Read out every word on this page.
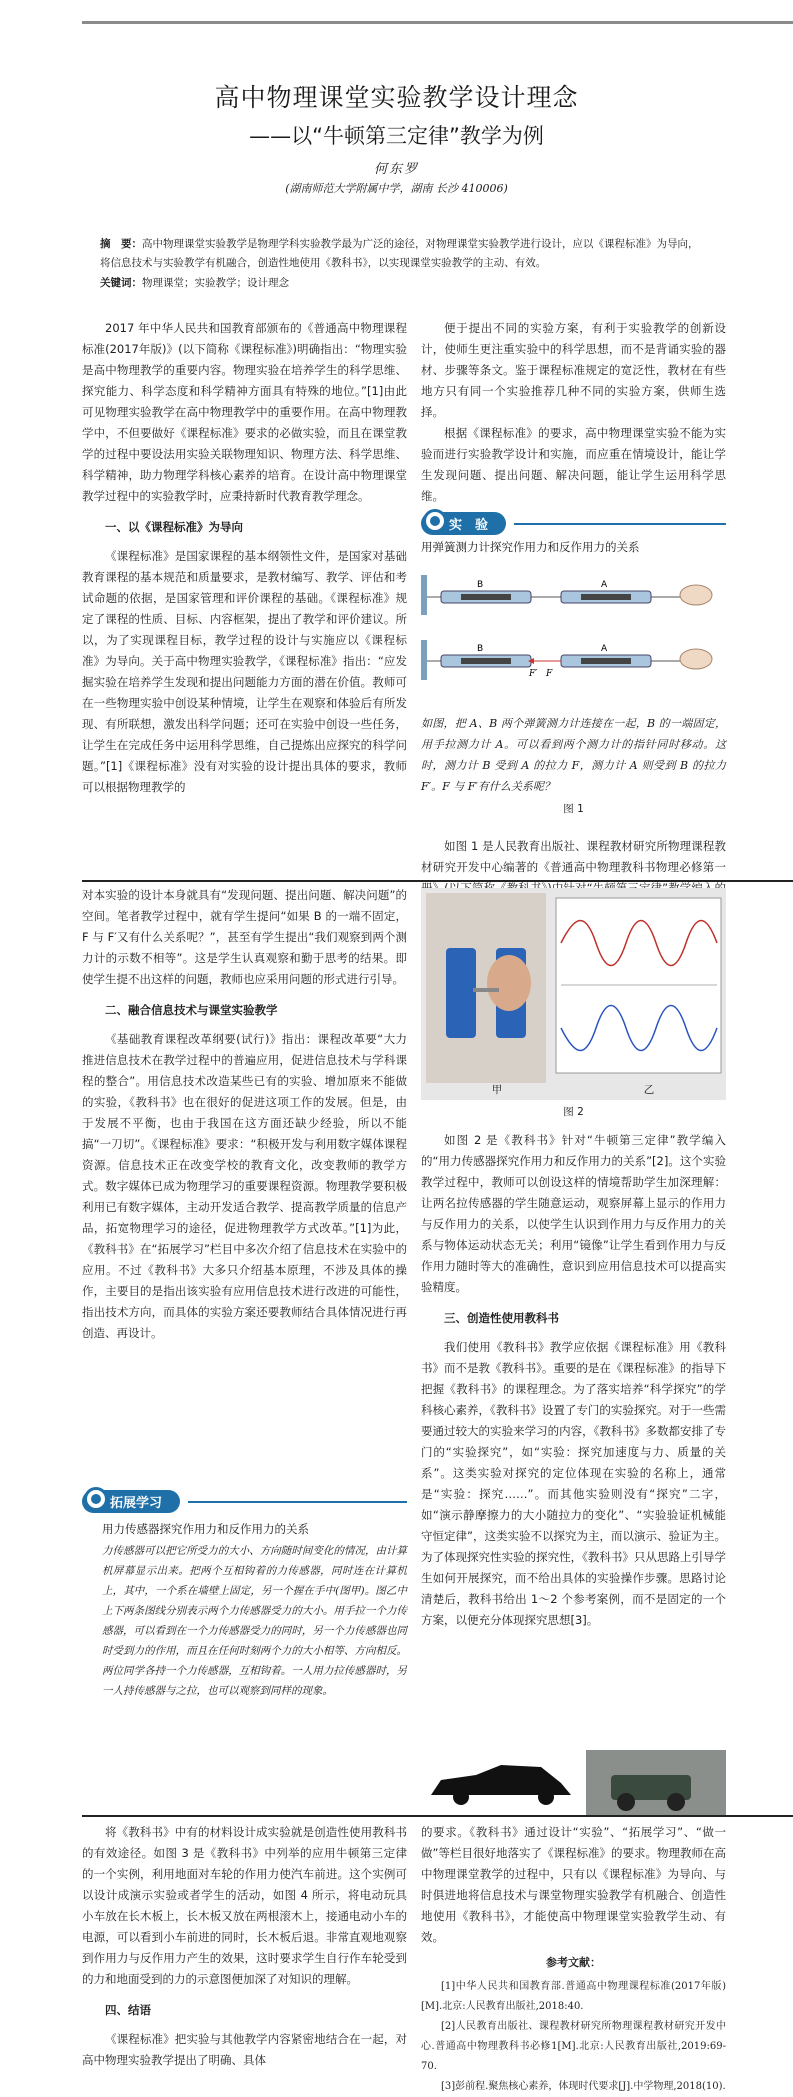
高中物理课堂实验教学设计理念
——以“牛顿第三定律”教学为例
何东罗
(湖南师范大学附属中学，湖南 长沙 410006)
摘　要：高中物理课堂实验教学是物理学科实验教学最为广泛的途径，对物理课堂实验教学进行设计，应以《课程标准》为导向，将信息技术与实验教学有机融合，创造性地使用《教科书》，以实现课堂实验教学的主动、有效。
关键词：物理课堂；实验教学；设计理念

2017 年中华人民共和国教育部颁布的《普通高中物理课程标准(2017年版)》(以下简称《课程标准》)明确指出：“物理实验是高中物理教学的重要内容。物理实验在培养学生的科学思维、探究能力、科学态度和科学精神方面具有特殊的地位。”[1]由此可见物理实验教学在高中物理教学中的重要作用。在高中物理教学中，不但要做好《课程标准》要求的必做实验，而且在课堂教学的过程中要设法用实验关联物理知识、物理方法、科学思维、科学精神，助力物理学科核心素养的培育。在设计高中物理课堂教学过程中的实验教学时，应秉持新时代教育教学理念。

一、以《课程标准》为导向

《课程标准》是国家课程的基本纲领性文件，是国家对基础教育课程的基本规范和质量要求，是教材编写、教学、评估和考试命题的依据，是国家管理和评价课程的基础。《课程标准》规定了课程的性质、目标、内容框架，提出了教学和评价建议。所以，为了实现课程目标，教学过程的设计与实施应以《课程标准》为导向。关于高中物理实验教学，《课程标准》指出：“应发掘实验在培养学生发现和提出问题能力方面的潜在价值。教师可在一些物理实验中创设某种情境，让学生在观察和体验后有所发现、有所联想，激发出科学问题；还可在实验中创设一些任务，让学生在完成任务中运用科学思维，自己提炼出应探究的科学问题。”[1]《课程标准》没有对实验的设计提出具体的要求，教师可以根据物理教学的

便于提出不同的实验方案，有利于实验教学的创新设计，使师生更注重实验中的科学思想，而不是背诵实验的器材、步骤等条文。鉴于课程标准规定的宽泛性，教材在有些地方只有同一个实验推荐几种不同的实验方案，供师生选择。

根据《课程标准》的要求，高中物理课堂实验不能为实验而进行实验教学设计和实施，而应重在情境设计，能让学生发现问题、提出问题、解决问题，能让学生运用科学思维。

实　验
用弹簧测力计探究作用力和反作用力的关系
B	A
B
F
A
F′
如图，把 A、B 两个弹簧测力计连接在一起，B 的一端固定，用手拉测力计 A。可以看到两个测力计的指针同时移动。这时，测力计 B 受到 A 的拉力 F，测力计 A 则受到 B 的拉力 F′。F 与 F′有什么关系呢？
图 1

如图 1 是人民教育出版社、课程教材研究所物理课程教材研究开发中心编著的《普通高中物理教科书物理必修第一

对本实验的设计本身就具有“发现问题、提出问题、解决问题”的空间。笔者教学过程中，就有学生提问“如果 B 的一端不固定，F 与 F′又有什么关系呢？”，甚至有学生提出“我们观察到两个测力计的示数不相等”。这是学生认真观察和勤于思考的结果。即使学生提不出这样的问题，教师也应采用问题的形式进行引导。

二、融合信息技术与课堂实验教学

《基础教育课程改革纲要(试行)》指出：课程改革要“大力推进信息技术在教学过程中的普遍应用，促进信息技术与学科课程的整合”。用信息技术改造某些已有的实验、增加原来不能做的实验，《教科书》也在很好的促进这项工作的发展。但是，由于发展不平衡，也由于我国在这方面还缺少经验，所以不能搞“一刀切”。《课程标准》要求：“积极开发与利用数字媒体课程资源。信息技术正在改变学校的教育文化，改变教师的教学方式。数字媒体已成为物理学习的重要课程资源。物理教学要积极利用已有数字媒体，主动开发适合教学、提高教学质量的信息产品，拓宽物理学习的途径，促进物理教学方式改革。”[1]为此，《教科书》在“拓展学习”栏目中多次介绍了信息技术在实验中的应用。不过《教科书》大多只介绍基本原理，不涉及具体的操作，主要目的是指出该实验有应用信息技术进行改进的可能性，指出技术方向，而具体的实验方案还要教师结合具体情况进行再创造、再设计。

拓展学习
用力传感器探究作用力和反作用力的关系
力传感器可以把它所受力的大小、方向随时间变化的情况，由计算机屏幕显示出来。把两个互相钩着的力传感器，同时连在计算机上，其中，一个系在墙壁上固定，另一个握在手中(图甲)。图乙中上下两条图线分别表示两个力传感器受力的大小。用手拉一个力传感器，可以看到在一个力传感器受力的同时，另一个力传感器也同时受到力的作用，而且在任何时刻两个力的大小相等、方向相反。两位同学各持一个力传感器，互相钩着。一人用力拉传感器时，另一人持传感器与之拉，也可以观察到同样的现象。
甲	乙
图 2

如图 2 是《教科书》针对“牛顿第三定律”教学编入的“用力传感器探究作用力和反作用力的关系”[2]。这个实验教学过程中，教师可以创设这样的情境帮助学生加深理解：让两名拉传感器的学生随意运动，观察屏幕上显示的作用力与反作用力的关系，以使学生认识到作用力与反作用力的关系与物体运动状态无关；利用“镜像”让学生看到作用力与反作用力随时等大的准确性，意识到应用信息技术可以提高实验精度。

三、创造性使用教科书

我们使用《教科书》教学应依据《课程标准》用《教科书》而不是教《教科书》。重要的是在《课程标准》的指导下把握《教科书》的课程理念。为了落实培养“科学探究”的学科核心素养，《教科书》设置了专门的实验探究。对于一些需要通过较大的实验来学习的内容，《教科书》多数都安排了专门的“实验探究”，如“实验：探究加速度与力、质量的关系”。这类实验对探究的定位体现在实验的名称上，通常是“实验：探究……”。而其他实验则没有“探究”二字，如“演示静摩擦力的大小随拉力的变化”、“实验验证机械能守恒定律”，这类实验不以探究为主，而以演示、验证为主。为了体现探究性实验的探究性，《教科书》只从思路上引导学生如何开展探究，而不给出具体的实验操作步骤。思路讨论清楚后，教科书给出 1～2 个参考案例，而不是固定的一个方案，以便充分体现探究思想[3]。

将《教科书》中有的材料设计成实验就是创造性使用教科书的有效途径。如图 3 是《教科书》中列举的应用牛顿第三定律的一个实例，利用地面对车轮的作用力使汽车前进。这个实例可以设计成演示实验或者学生的活动，如图 4 所示，将电动玩具小车放在长木板上，长木板又放在两根滚木上，接通电动小车的电源，可以看到小车前进的同时，长木板后退。非常直观地观察到作用力与反作用力产生的效果，这时要求学生自行作车轮受到的力和地面受到的力的示意图便加深了对知识的理解。

四、结语

《课程标准》把实验与其他教学内容紧密地结合在一起，对高中物理实验教学提出了明确、具体

的要求。《教科书》通过设计“实验”、“拓展学习”、“做一做”等栏目很好地落实了《课程标准》的要求。物理教师在高中物理课堂教学的过程中，只有以《课程标准》为导向、与时俱进地将信息技术与课堂物理实验教学有机融合、创造性地使用《教科书》，才能使高中物理课堂实验教学生动、有效。

参考文献：

[1]中华人民共和国教育部.普通高中物理课程标准(2017年版)[M].北京:人民教育出版社,2018:40.

[2]人民教育出版社、课程教材研究所物理课程教材研究开发中心.普通高中物理教科书必修1[M].北京:人民教育出版社,2019:69-70.

[3]彭前程.聚焦核心素养，体现时代要求[J].中学物理,2018(10).
